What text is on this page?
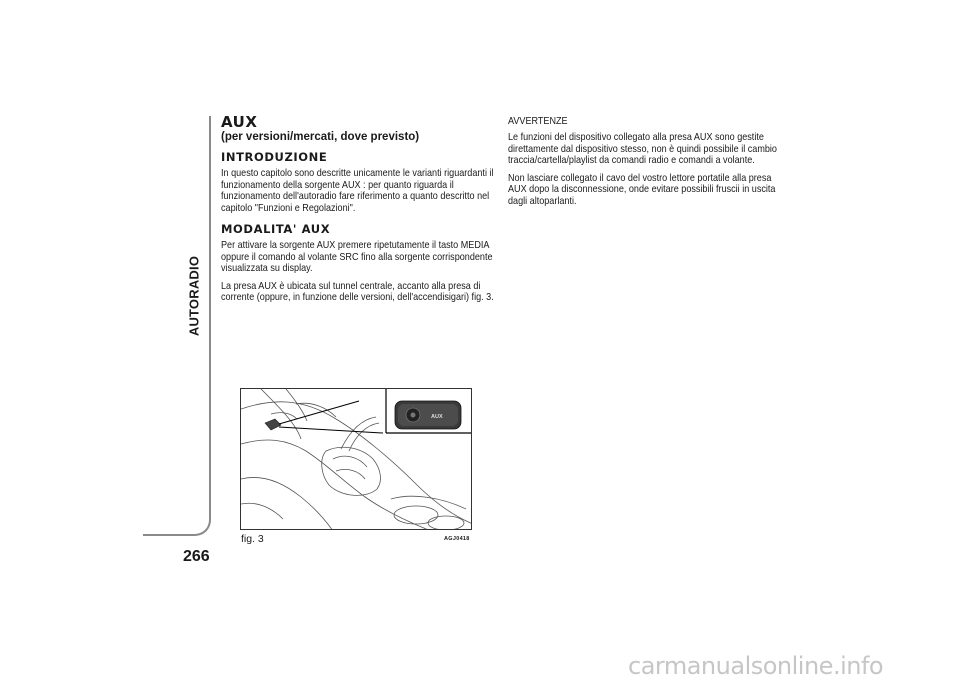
AUTORADIO
266
AUX

(per versioni/mercati, dove previsto)

INTRODUZIONE

In questo capitolo sono descritte unicamente le varianti riguardanti il funzionamento della sorgente AUX : per quanto riguarda il funzionamento dell'autoradio fare riferimento a quanto descritto nel capitolo "Funzioni e Regolazioni".

MODALITA' AUX

Per attivare la sorgente AUX premere ripetutamente il tasto MEDIA oppure il comando al volante SRC fino alla sorgente corrispondente visualizzata su display.

La presa AUX è ubicata sul tunnel centrale, accanto alla presa di corrente (oppure, in funzione delle versioni, dell'accendisigari) fig. 3.

AVVERTENZE

Le funzioni del dispositivo collegato alla presa AUX sono gestite direttamente dal dispositivo stesso, non è quindi possibile il cambio traccia/cartella/playlist da comandi radio e comandi a volante.

Non lasciare collegato il cavo del vostro lettore portatile alla presa AUX dopo la disconnessione, onde evitare possibili fruscii in uscita dagli altoparlanti.

AUX
fig. 3	AGJ0418
carmanualsonline.info
